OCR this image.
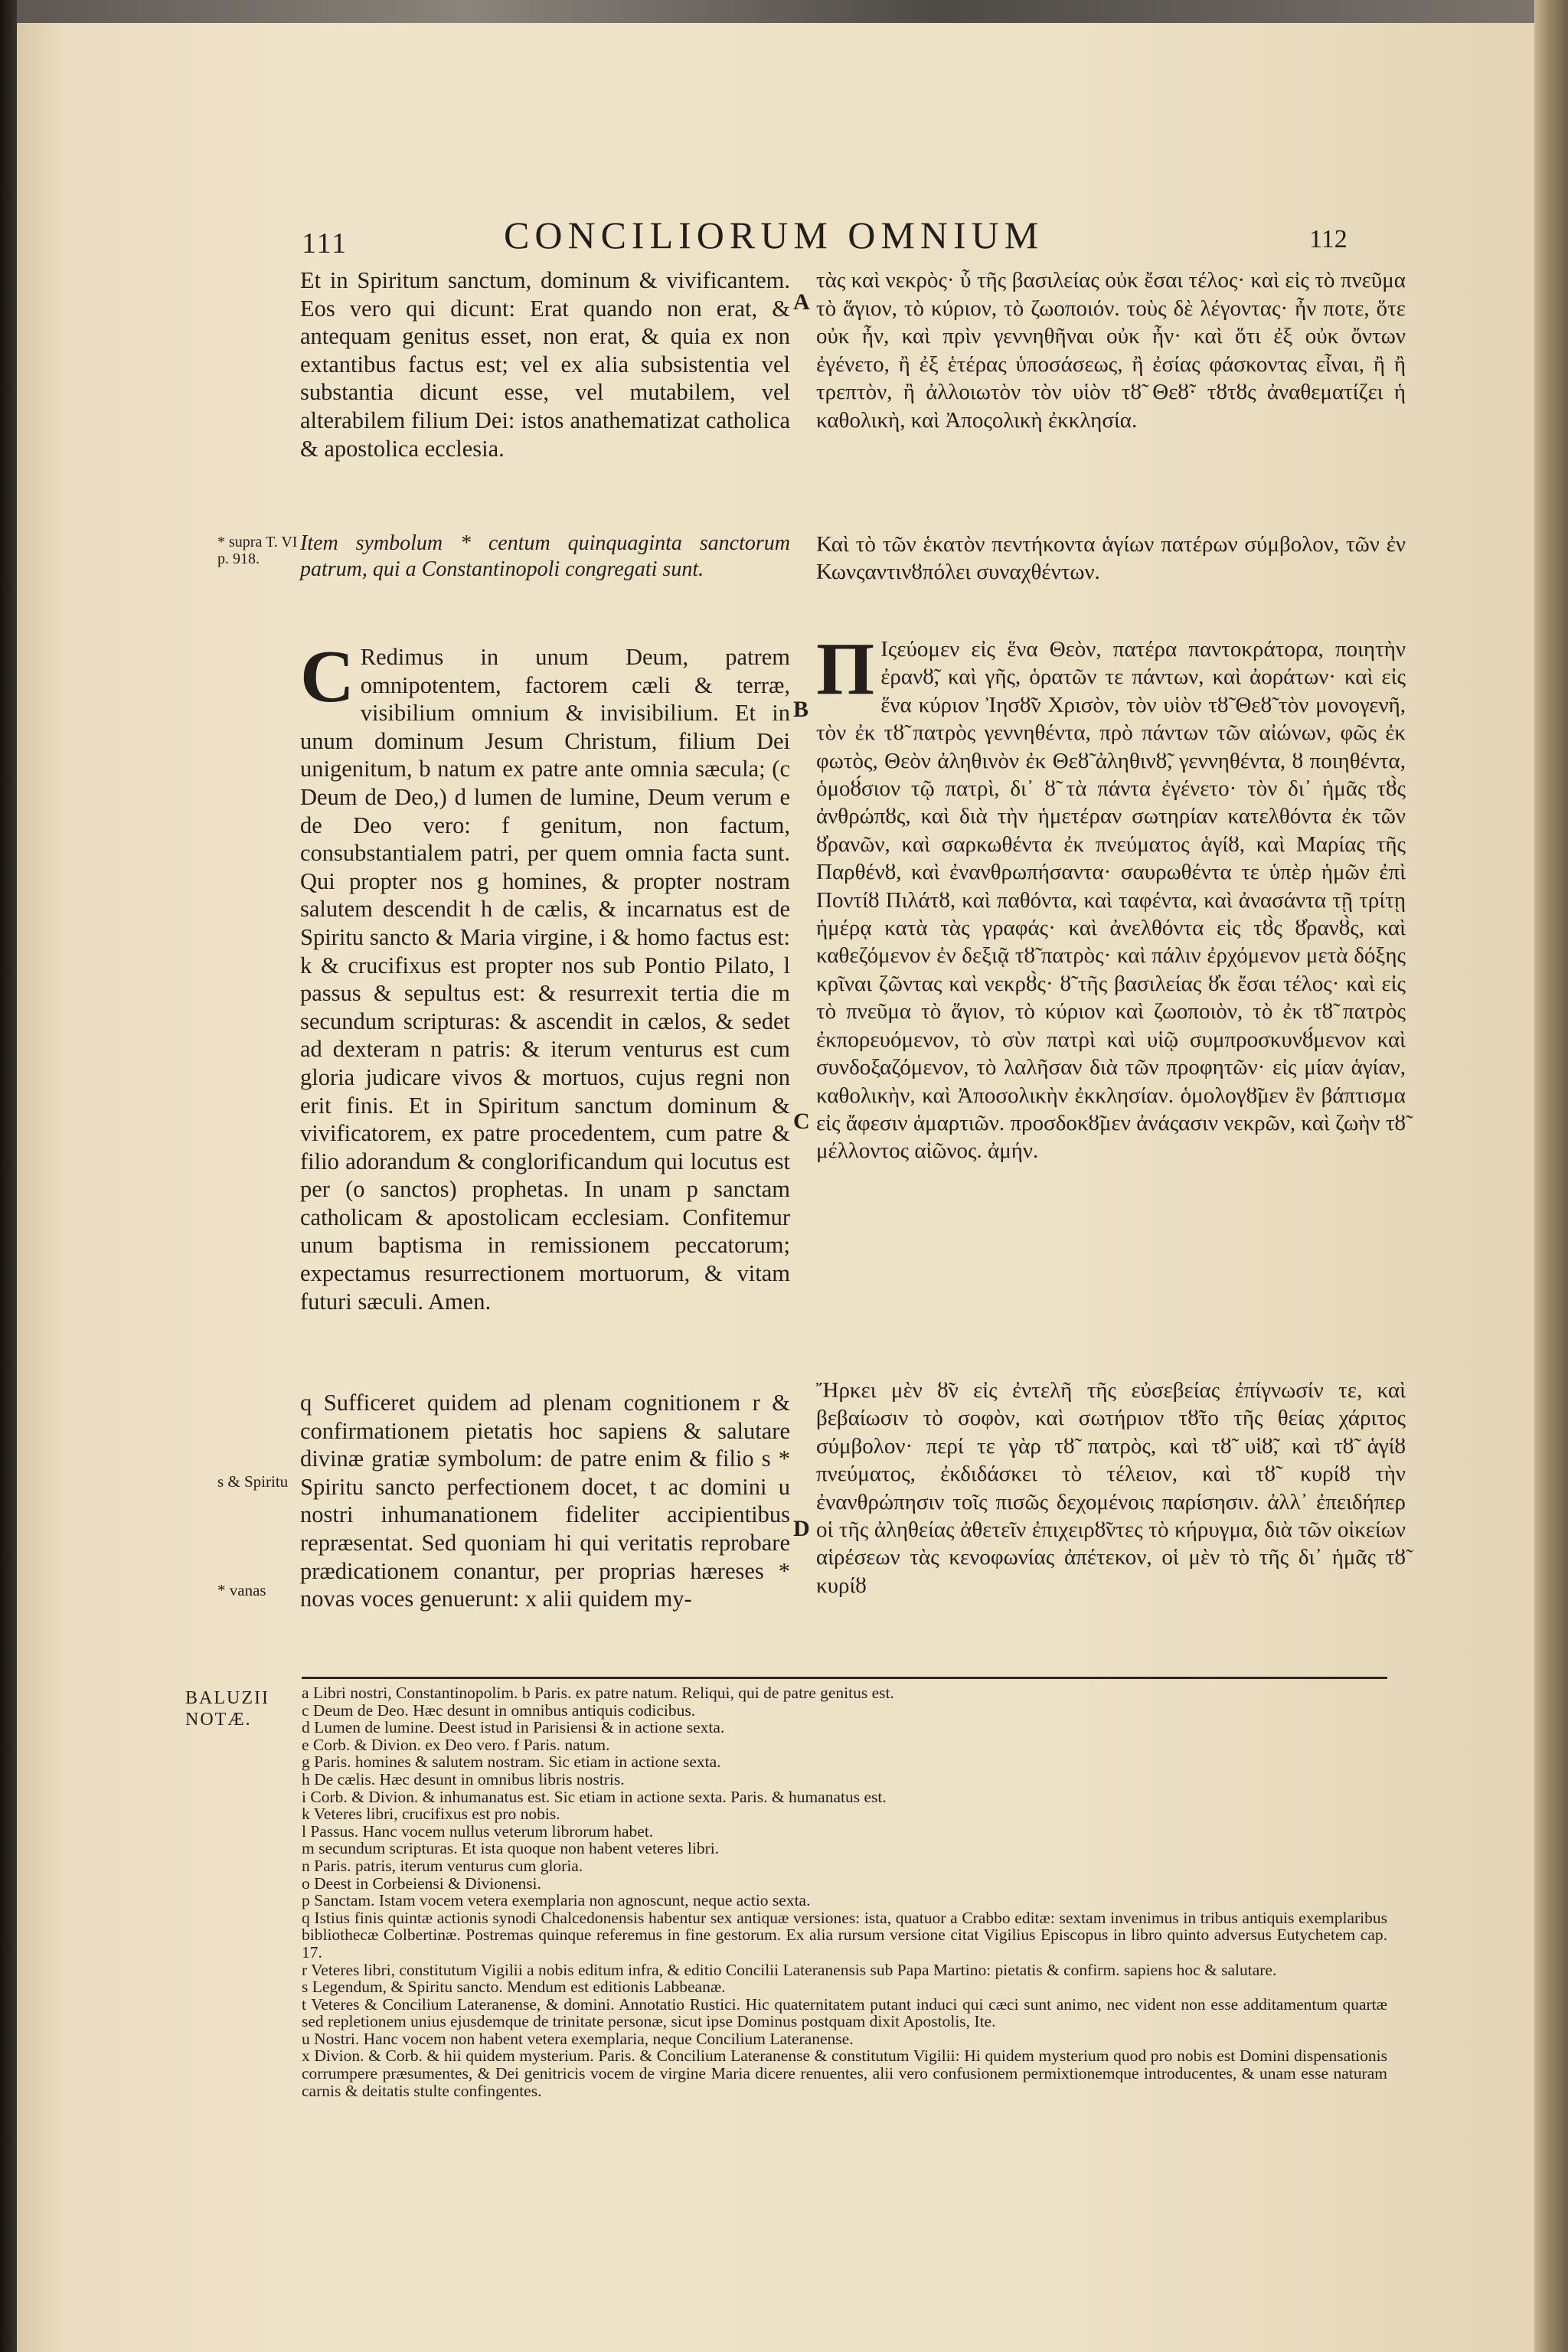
111	CONCILIORUM OMNIUM	112

Et in Spiritum sanctum, dominum & vivificantem. Eos vero qui dicunt: Erat quando non erat, & antequam genitus esset, non erat, & quia ex non extantibus factus est; vel ex alia subsistentia vel substantia dicunt esse, vel mutabilem, vel alterabilem filium Dei: istos anathematizat catholica & apostolica ecclesia.

τὰς καὶ νεκρὸς· ὗ τῆς βασιλείας οὐκ ἔσαι τέλος· καὶ εἰς τὸ πνεῦμα τὸ ἅγιον, τὸ κύριον, τὸ ζωοποιόν. τοὺς δὲ λέγοντας· ἦν ποτε, ὅτε οὐκ ἦν, καὶ πρὶν γεννηθῆναι οὐκ ἦν· καὶ ὅτι ἐξ οὐκ ὄντων ἐγένετο, ἢ ἐξ ἑτέρας ὑποσάσεως, ἢ ἐσίας φάσκοντας εἶναι, ἢ ἢ τρεπτὸν, ἢ ἀλλοιωτὸν τὸν υἱὸν τȣ̃ Θεȣ̃· τȣτȣς ἀναθεματίζει ἡ καθολικὴ, καὶ Ἀποςολικὴ ἐκκλησία.

* supra T. VI p. 918.

Item symbolum * centum quinquaginta sanctorum patrum, qui a Constantinopoli congregati sunt.

Καὶ τὸ τῶν ἑκατὸν πεντήκοντα ἁγίων πατέρων σύμβολον, τῶν ἐν Κωνςαντινȣπόλει συναχθέντων.

C Redimus in unum Deum, patrem omnipotentem, factorem cæli & terræ, visibilium omnium & invisibilium. Et in unum dominum Jesum Christum, filium Dei unigenitum, b natum ex patre ante omnia sæcula; (c Deum de Deo,) d lumen de lumine, Deum verum e de Deo vero: f genitum, non factum, consubstantialem patri, per quem omnia facta sunt. Qui propter nos g homines, & propter nostram salutem descendit h de cælis, & incarnatus est de Spiritu sancto & Maria virgine, i & homo factus est: k & crucifixus est propter nos sub Pontio Pilato, l passus & sepultus est: & resurrexit tertia die m secundum scripturas: & ascendit in cælos, & sedet ad dexteram n patris: & iterum venturus est cum gloria judicare vivos & mortuos, cujus regni non erit finis. Et in Spiritum sanctum dominum & vivificatorem, ex patre procedentem, cum patre & filio adorandum & conglorificandum qui locutus est per (o sanctos) prophetas. In unam p sanctam catholicam & apostolicam ecclesiam. Confitemur unum baptisma in remissionem peccatorum; expectamus resurrectionem mortuorum, & vitam futuri sæculi. Amen.
Π Ιςεύομεν εἰς ἕνα Θεὸν, πατέρα παντοκράτορα, ποιητὴν ἐρανȣ̃, καὶ γῆς, ὁρατῶν τε πάντων, καὶ ἀοράτων· καὶ εἰς ἕνα κύριον Ἰησȣ̃ν Χρισὸν, τὸν υἱὸν τȣ̃ Θεȣ̃ τὸν μονογενῆ, τὸν ἐκ τȣ̃ πατρὸς γεννηθέντα, πρὸ πάντων τῶν αἰώνων, φῶς ἐκ φωτὸς, Θεὸν ἀληθινὸν ἐκ Θεȣ̃ ἀληθινȣ̃, γεννηθέντα, ȣ ποιηθέντα, ὁμοȣ́σιον τῷ πατρὶ, δι᾽ ȣ̃ τὰ πάντα ἐγένετο· τὸν δι᾽ ἡμᾶς τȣ̀ς ἀνθρώπȣς, καὶ διὰ τὴν ἡμετέραν σωτηρίαν κατελθόντα ἐκ τῶν ȣ̓ρανῶν, καὶ σαρκωθέντα ἐκ πνεύματος ἁγίȣ, καὶ Μαρίας τῆς Παρθένȣ, καὶ ἐνανθρωπήσαντα· σαυρωθέντα τε ὑπὲρ ἡμῶν ἐπὶ Ποντίȣ Πιλάτȣ, καὶ παθόντα, καὶ ταφέντα, καὶ ἀνασάντα τῇ τρίτῃ ἡμέρᾳ κατὰ τὰς γραφάς· καὶ ἀνελθόντα εἰς τȣ̀ς ȣ̓ρανȣ̀ς, καὶ καθεζόμενον ἐν δεξιᾷ τȣ̃ πατρὸς· καὶ πάλιν ἐρχόμενον μετὰ δόξης κρῖναι ζῶντας καὶ νεκρȣ̀ς· ȣ̃ τῆς βασιλείας ȣ̓κ ἔσαι τέλος· καὶ εἰς τὸ πνεῦμα τὸ ἅγιον, τὸ κύριον καὶ ζωοποιὸν, τὸ ἐκ τȣ̃ πατρὸς ἐκπορευόμενον, τὸ σὺν πατρὶ καὶ υἱῷ συμπροσκυνȣ́μενον καὶ συνδοξαζόμενον, τὸ λαλῆσαν διὰ τῶν προφητῶν· εἰς μίαν ἁγίαν, καθολικὴν, καὶ Ἀποσολικὴν ἐκκλησίαν. ὁμολογȣ̃μεν ἓν βάπτισμα εἰς ἄφεσιν ἁμαρτιῶν. προσδοκȣ̃μεν ἀνάςασιν νεκρῶν, καὶ ζωὴν τȣ̃ μέλλοντος αἰῶνος. ἀμήν.

q Sufficeret quidem ad plenam cognitionem r & confirmationem pietatis hoc sapiens & salutare divinæ gratiæ symbolum: de patre enim & filio s * Spiritu sancto perfectionem docet, t ac domini u nostri inhumanationem fideliter accipientibus repræsentat. Sed quoniam hi qui veritatis reprobare prædicationem conantur, per proprias hæreses * novas voces genuerunt: x alii quidem my-

Ἤρκει μὲν ȣ̃ν εἰς ἐντελῆ τῆς εὐσεβείας ἐπίγνωσίν τε, καὶ βεβαίωσιν τὸ σοφὸν, καὶ σωτήριον τȣ̃το τῆς θείας χάριτος σύμβολον· περί τε γὰρ τȣ̃ πατρὸς, καὶ τȣ̃ υἱȣ̃, καὶ τȣ̃ ἁγίȣ πνεύματος, ἐκδιδάσκει τὸ τέλειον, καὶ τȣ̃ κυρίȣ τὴν ἐνανθρώπησιν τοῖς πισῶς δεχομένοις παρίσησιν. ἀλλ᾽ ἐπειδήπερ οἱ τῆς ἀληθείας ἀθετεῖν ἐπιχειρȣ̃ντες τὸ κήρυγμα, διὰ τῶν οἰκείων αἱρέσεων τὰς κενοφωνίας ἀπέτεκον, οἱ μὲν τὸ τῆς δι᾽ ἡμᾶς τȣ̃ κυρίȣ

s & Spiritu
* vanas
A
B
C
D
BALUZII NOTÆ.
a Libri nostri, Constantinopolim. b Paris. ex patre natum. Reliqui, qui de patre genitus est.
c Deum de Deo. Hæc desunt in omnibus antiquis codicibus.
d Lumen de lumine. Deest istud in Parisiensi & in actione sexta.
e Corb. & Divion. ex Deo vero. f Paris. natum.
g Paris. homines & salutem nostram. Sic etiam in actione sexta.
h De cælis. Hæc desunt in omnibus libris nostris.
i Corb. & Divion. & inhumanatus est. Sic etiam in actione sexta. Paris. & humanatus est.
k Veteres libri, crucifixus est pro nobis.
l Passus. Hanc vocem nullus veterum librorum habet.
m secundum scripturas. Et ista quoque non habent veteres libri.
n Paris. patris, iterum venturus cum gloria.
o Deest in Corbeiensi & Divionensi.
p Sanctam. Istam vocem vetera exemplaria non agnoscunt, neque actio sexta.
q Istius finis quintæ actionis synodi Chalcedonensis habentur sex antiquæ versiones: ista, quatuor a Crabbo editæ: sextam invenimus in tribus antiquis exemplaribus bibliothecæ Colbertinæ. Postremas quinque referemus in fine gestorum. Ex alia rursum versione citat Vigilius Episcopus in libro quinto adversus Eutychetem cap. 17.
r Veteres libri, constitutum Vigilii a nobis editum infra, & editio Concilii Lateranensis sub Papa Martino: pietatis & confirm. sapiens hoc & salutare.
s Legendum, & Spiritu sancto. Mendum est editionis Labbeanæ.
t Veteres & Concilium Lateranense, & domini. Annotatio Rustici. Hic quaternitatem putant induci qui cæci sunt animo, nec vident non esse additamentum quartæ sed repletionem unius ejusdemque de trinitate personæ, sicut ipse Dominus postquam dixit Apostolis, Ite.
u Nostri. Hanc vocem non habent vetera exemplaria, neque Concilium Lateranense.
x Divion. & Corb. & hii quidem mysterium. Paris. & Concilium Lateranense & constitutum Vigilii: Hi quidem mysterium quod pro nobis est Domini dispensationis corrumpere præsumentes, & Dei genitricis vocem de virgine Maria dicere renuentes, alii vero confusionem permixtionemque introducentes, & unam esse naturam carnis & deitatis stulte confingentes.
